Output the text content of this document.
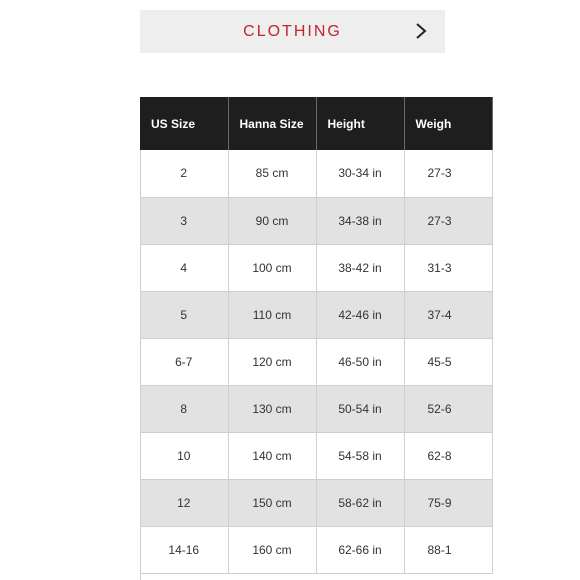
CLOTHING
US Size	Hanna Size	Height	Weigh
2	85 cm	30-34 in	27-3
3	90 cm	34-38 in	27-3
4	100 cm	38-42 in	31-3
5	110 cm	42-46 in	37-4
6-7	120 cm	46-50 in	45-5
8	130 cm	50-54 in	52-6
10	140 cm	54-58 in	62-8
12	150 cm	58-62 in	75-9
14-16	160 cm	62-66 in	88-1
